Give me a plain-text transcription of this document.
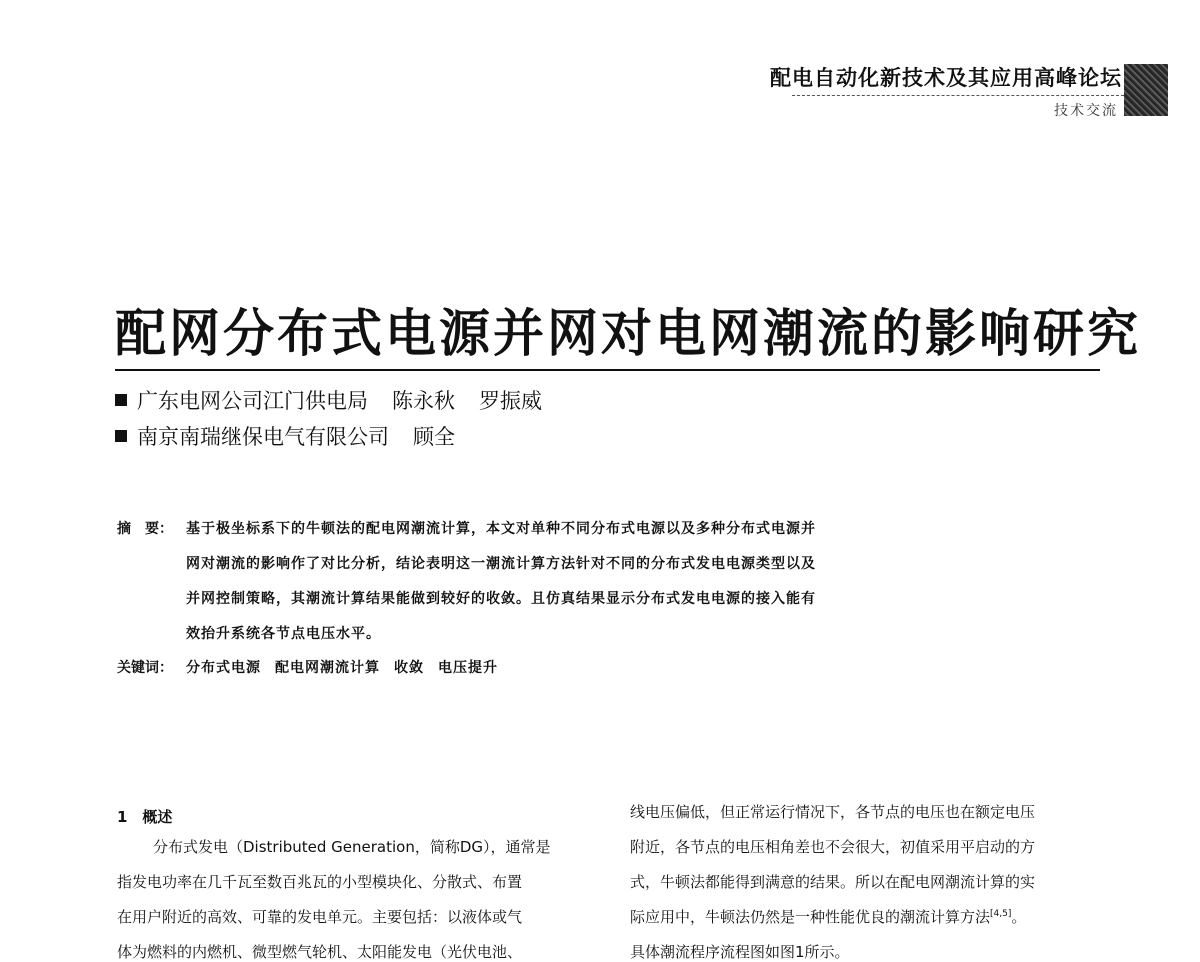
配电自动化新技术及其应用高峰论坛
技术交流
配网分布式电源并网对电网潮流的影响研究
广东电网公司江门供电局 陈永秋 罗振威
南京南瑞继保电气有限公司 顾全
摘　要： 基于极坐标系下的牛顿法的配电网潮流计算，本文对单种不同分布式电源以及多种分布式电源并
网对潮流的影响作了对比分析，结论表明这一潮流计算方法针对不同的分布式发电电源类型以及
并网控制策略，其潮流计算结果能做到较好的收敛。且仿真结果显示分布式发电电源的接入能有
效抬升系统各节点电压水平。
关键词： 分布式电源 配电网潮流计算 收敛 电压提升
1　概述
分布式发电（Distributed Generation，简称DG），通常是
指发电功率在几千瓦至数百兆瓦的小型模块化、分散式、布置
在用户附近的高效、可靠的发电单元。主要包括：以液体或气
体为燃料的内燃机、微型燃气轮机、太阳能发电（光伏电池、
线电压偏低，但正常运行情况下，各节点的电压也在额定电压
附近，各节点的电压相角差也不会很大，初值采用平启动的方
式，牛顿法都能得到满意的结果。所以在配电网潮流计算的实
际应用中，牛顿法仍然是一种性能优良的潮流计算方法[4,5]。
具体潮流程序流程图如图1所示。
